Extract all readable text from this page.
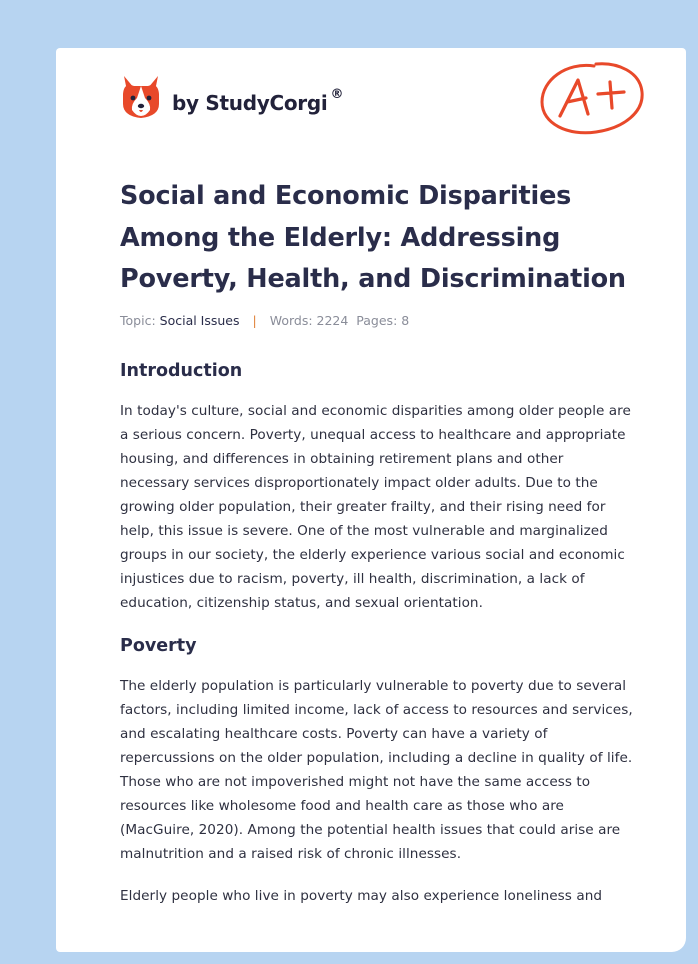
by StudyCorgi ®
A+
Social and Economic Disparities Among the Elderly: Addressing Poverty, Health, and Discrimination
Topic: Social Issues | Words: 2224 Pages: 8
Introduction

In today's culture, social and economic disparities among older people are a serious concern. Poverty, unequal access to healthcare and appropriate housing, and differences in obtaining retirement plans and other necessary services disproportionately impact older adults. Due to the growing older population, their greater frailty, and their rising need for help, this issue is severe. One of the most vulnerable and marginalized groups in our society, the elderly experience various social and economic injustices due to racism, poverty, ill health, discrimination, a lack of education, citizenship status, and sexual orientation.

Poverty

The elderly population is particularly vulnerable to poverty due to several factors, including limited income, lack of access to resources and services, and escalating healthcare costs. Poverty can have a variety of repercussions on the older population, including a decline in quality of life. Those who are not impoverished might not have the same access to resources like wholesome food and health care as those who are (MacGuire, 2020). Among the potential health issues that could arise are malnutrition and a raised risk of chronic illnesses.

Elderly people who live in poverty may also experience loneliness and
